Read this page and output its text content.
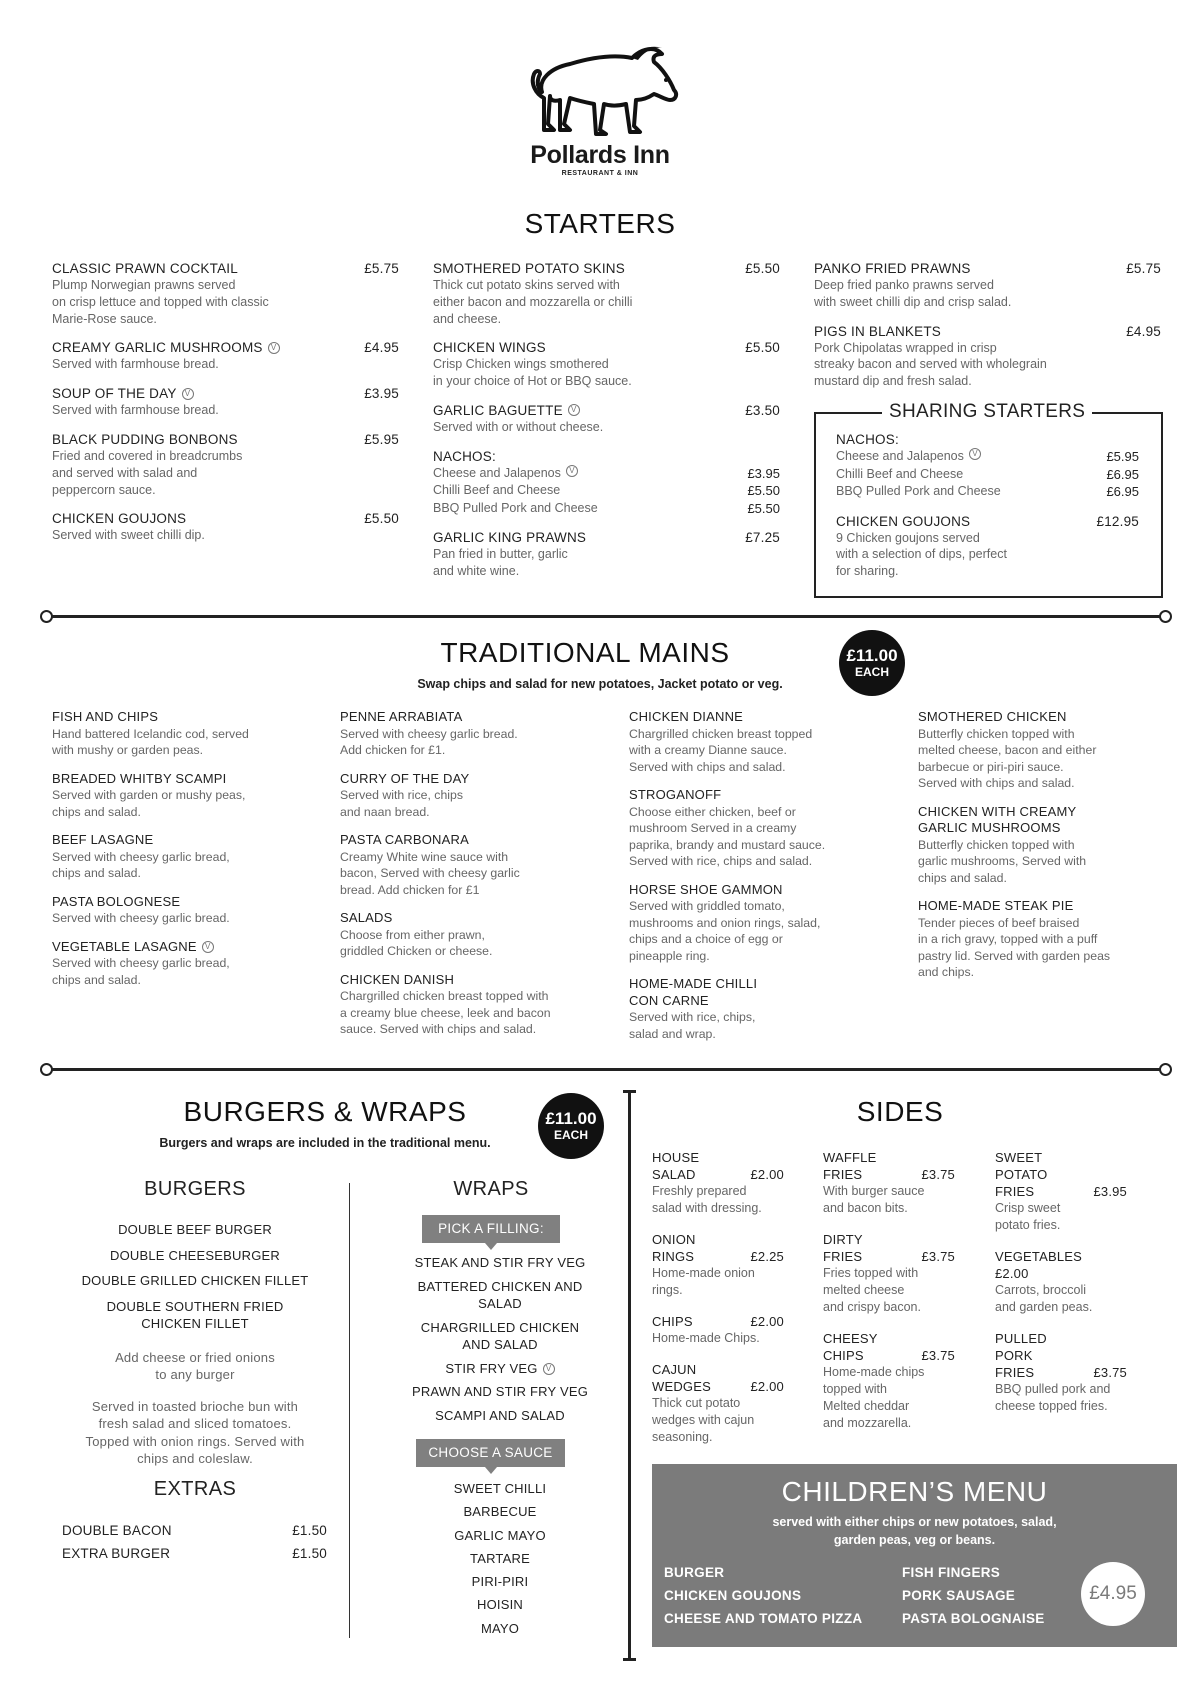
Pollards Inn
RESTAURANT & INN
STARTERS
CLASSIC PRAWN COCKTAIL	£5.75
Plump Norwegian prawns served
on crisp lettuce and topped with classic
Marie-Rose sauce.
CREAMY GARLIC MUSHROOMS V	£4.95
Served with farmhouse bread.
SOUP OF THE DAY V	£3.95
Served with farmhouse bread.
BLACK PUDDING BONBONS	£5.95
Fried and covered in breadcrumbs
and served with salad and
peppercorn sauce.
CHICKEN GOUJONS	£5.50
Served with sweet chilli dip.
SMOTHERED POTATO SKINS	£5.50
Thick cut potato skins served with
either bacon and mozzarella or chilli
and cheese.
CHICKEN WINGS	£5.50
Crisp Chicken wings smothered
in your choice of Hot or BBQ sauce.
GARLIC BAGUETTE V	£3.50
Served with or without cheese.
NACHOS:
Cheese and Jalapenos V	£3.95
Chilli Beef and Cheese	£5.50
BBQ Pulled Pork and Cheese	£5.50
GARLIC KING PRAWNS	£7.25
Pan fried in butter, garlic
and white wine.
PANKO FRIED PRAWNS	£5.75
Deep fried panko prawns served
with sweet chilli dip and crisp salad.
PIGS IN BLANKETS	£4.95
Pork Chipolatas wrapped in crisp
streaky bacon and served with wholegrain
mustard dip and fresh salad.
SHARING STARTERS
NACHOS:
Cheese and Jalapenos V	£5.95
Chilli Beef and Cheese	£6.95
BBQ Pulled Pork and Cheese	£6.95
CHICKEN GOUJONS	£12.95
9 Chicken goujons served
with a selection of dips, perfect
for sharing.
TRADITIONAL MAINS
Swap chips and salad for new potatoes, Jacket potato or veg.
£11.00
EACH
FISH AND CHIPS
Hand battered Icelandic cod, served
with mushy or garden peas.
BREADED WHITBY SCAMPI
Served with garden or mushy peas,
chips and salad.
BEEF LASAGNE
Served with cheesy garlic bread,
chips and salad.
PASTA BOLOGNESE
Served with cheesy garlic bread.
VEGETABLE LASAGNE
V
Served with cheesy garlic bread,
chips and salad.
PENNE ARRABIATA
Served with cheesy garlic bread.
Add chicken for £1.
CURRY OF THE DAY
Served with rice, chips
and naan bread.
PASTA CARBONARA
Creamy White wine sauce with
bacon, Served with cheesy garlic
bread. Add chicken for £1
SALADS
Choose from either prawn,
griddled Chicken or cheese.
CHICKEN DANISH
Chargrilled chicken breast topped with
a creamy blue cheese, leek and bacon
sauce. Served with chips and salad.
CHICKEN DIANNE
Chargrilled chicken breast topped
with a creamy Dianne sauce.
Served with chips and salad.
STROGANOFF
Choose either chicken, beef or
mushroom Served in a creamy
paprika, brandy and mustard sauce.
Served with rice, chips and salad.
HORSE SHOE GAMMON
Served with griddled tomato,
mushrooms and onion rings, salad,
chips and a choice of egg or
pineapple ring.
HOME-MADE CHILLI
CON CARNE
Served with rice, chips,
salad and wrap.
SMOTHERED CHICKEN
Butterfly chicken topped with
melted cheese, bacon and either
barbecue or piri-piri sauce.
Served with chips and salad.
CHICKEN WITH CREAMY
GARLIC MUSHROOMS
Butterfly chicken topped with
garlic mushrooms, Served with
chips and salad.
HOME-MADE STEAK PIE
Tender pieces of beef braised
in a rich gravy, topped with a puff
pastry lid. Served with garden peas
and chips.
BURGERS & WRAPS
Burgers and wraps are included in the traditional menu.
£11.00
EACH
BURGERS
DOUBLE BEEF BURGER
DOUBLE CHEESEBURGER
DOUBLE GRILLED CHICKEN FILLET
DOUBLE SOUTHERN FRIED
CHICKEN FILLET
Add cheese or fried onions
to any burger
Served in toasted brioche bun with
fresh salad and sliced tomatoes.
Topped with onion rings. Served with
chips and coleslaw.
EXTRAS
DOUBLE BACON	£1.50
EXTRA BURGER	£1.50
WRAPS
PICK A FILLING:
STEAK AND STIR FRY VEG
BATTERED CHICKEN AND
SALAD
CHARGRILLED CHICKEN
AND SALAD
STIR FRY VEGV
PRAWN AND STIR FRY VEG
SCAMPI AND SALAD
CHOOSE A SAUCE
SWEET CHILLI
BARBECUE
GARLIC MAYO
TARTARE
PIRI-PIRI
HOISIN
MAYO
SIDES
HOUSE
SALAD	£2.00
Freshly prepared
salad with dressing.
ONION
RINGS	£2.25
Home-made onion
rings.
CHIPS	£2.00
Home-made Chips.
CAJUN
WEDGES	£2.00
Thick cut potato
wedges with cajun
seasoning.
WAFFLE
FRIES	£3.75
With burger sauce
and bacon bits.
DIRTY
FRIES	£3.75
Fries topped with
melted cheese
and crispy bacon.
CHEESY
CHIPS	£3.75
Home-made chips
topped with
Melted cheddar
and mozzarella.
SWEET
POTATO
FRIES	£3.95
Crisp sweet
potato fries.
VEGETABLES
£2.00
Carrots, broccoli
and garden peas.
PULLED
PORK
FRIES	£3.75
BBQ pulled pork and
cheese topped fries.
CHILDREN’S MENU
served with either chips or new potatoes, salad,
garden peas, veg or beans.
BURGER
CHICKEN GOUJONS
CHEESE AND TOMATO PIZZA
FISH FINGERS
PORK SAUSAGE
PASTA BOLOGNAISE
£4.95
